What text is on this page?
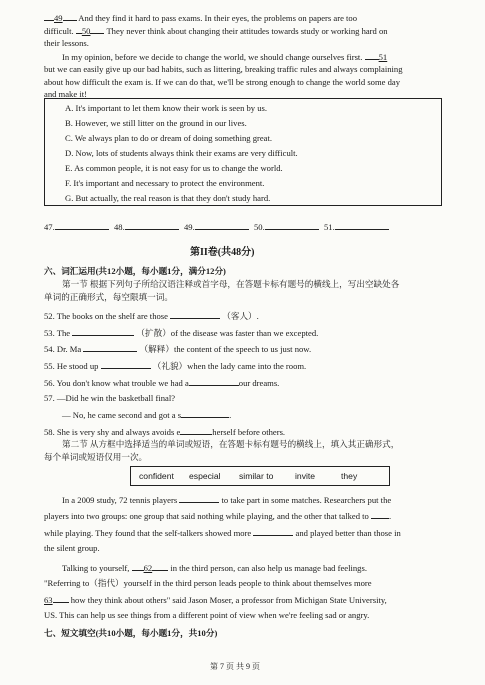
49 And they find it hard to pass exams. In their eyes, the problems on papers are too
difficult. 50 They never think about changing their attitudes towards study or working hard on
their lessons.
In my opinion, before we decide to change the world, we should change ourselves first. 51
but we can easily give up our bad habits, such as littering, breaking traffic rules and always complaining
about how difficult the exam is. If we can do that, we'll be strong enough to change the world some day
and make it!
A. It's important to let them know their work is seen by us.
B. However, we still litter on the ground in our lives.
C. We always plan to do or dream of doing something great.
D. Now, lots of students always think their exams are very difficult.
E. As common people, it is not easy for us to change the world.
F. It's important and necessary to protect the environment.
G. But actually, the real reason is that they don't study hard.
47.	48.	49.	50.	51.
第II卷(共48分)
六、词汇运用(共12小题，每小题1分，满分12分)
第一节 根据下列句子所给汉语注释或首字母，在答题卡标有题号的横线上，写出空缺处各
单词的正确形式，每空限填一词。
52. The books on the shelf are those	（客人）.
53. The	（扩散）of the disease was faster than we excepted.
54. Dr. Ma	（解释）the content of the speech to us just now.
55. He stood up	（礼貌）when the lady came into the room.
56. You don't know what trouble we had a	our dreams.
57. —Did he win the basketball final?
— No, he came second and got a s	.
58. She is very shy and always avoids e	herself before others.
第二节 从方框中选择适当的单词或短语，在答题卡标有题号的横线上，填入其正确形式，
每个单词或短语仅用一次。
confident especial similar to	invite	they
In a 2009 study, 72 tennis players	to take part in some matches. Researchers put the
players into two groups: one group that said nothing while playing, and the other that talked to .
while playing. They found that the self-talkers showed more	and played better than those in
the silent group.
Talking to yourself, 62 in the third person, can also help us manage bad feelings.
"Referring to（指代）yourself in the third person leads people to think about themselves more
63 how they think about others" said Jason Moser, a professor from Michigan State University,
US. This can help us see things from a different point of view when we're feeling sad or angry.
七、短文填空(共10小题，每小题1分，共10分)
第 7 页 共 9 页
